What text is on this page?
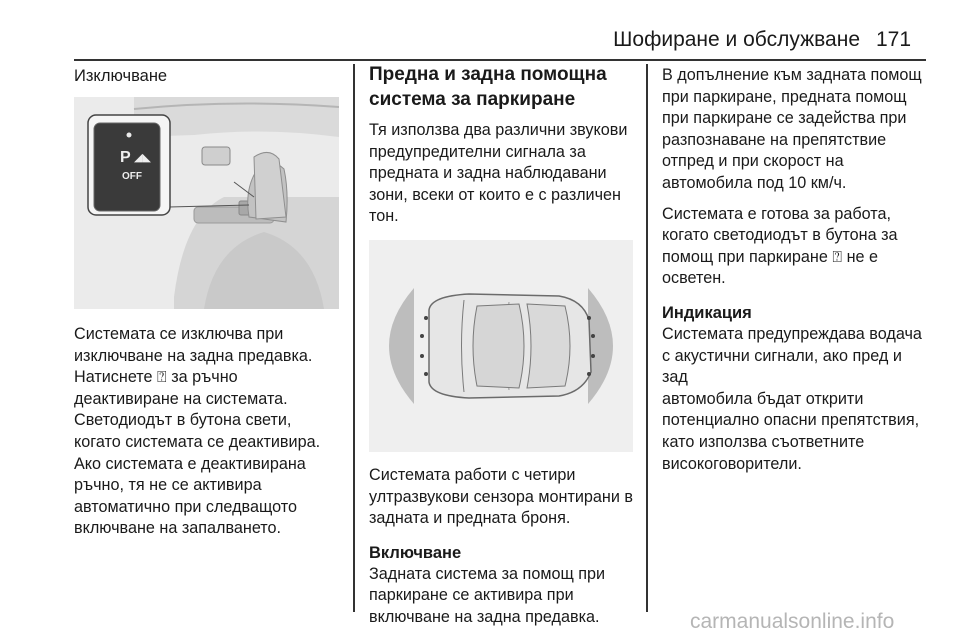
Шофиране и обслужване 171

Изключване

P ◢◣
OFF

Системата се изключва при

изключване на задна предавка.

Натиснете ⍰ за ръчно

деактивиране на системата.

Светодиодът в бутона свети,

когато системата се деактивира.

Ако системата е деактивирана

ръчно, тя не се активира

автоматично при следващото

включване на запалването.

Предна и задна помощна

система за паркиране

Тя използва два различни звукови

предупредителни сигнала за

предната и задна наблюдавани

зони, всеки от които е с различен

тон.

Системата работи с четири

ултразвукови сензора монтирани в

задната и предната броня.

Включване

Задната система за помощ при

паркиране се активира при

включване на задна предавка.

В допълнение към задната помощ

при паркиране, предната помощ

при паркиране се задейства при

разпознаване на препятствие

отпред и при скорост на

автомобила под 10 км/ч.

Системата е готова за работа,

когато светодиодът в бутона за

помощ при паркиране ⍰ не е

осветен.

Индикация

Системата предупреждава водача

с акустични сигнали, ако пред и зад

автомобила бъдат открити

потенциално опасни препятствия,

като използва съответните

високоговорители.

carmanualsonline.info
